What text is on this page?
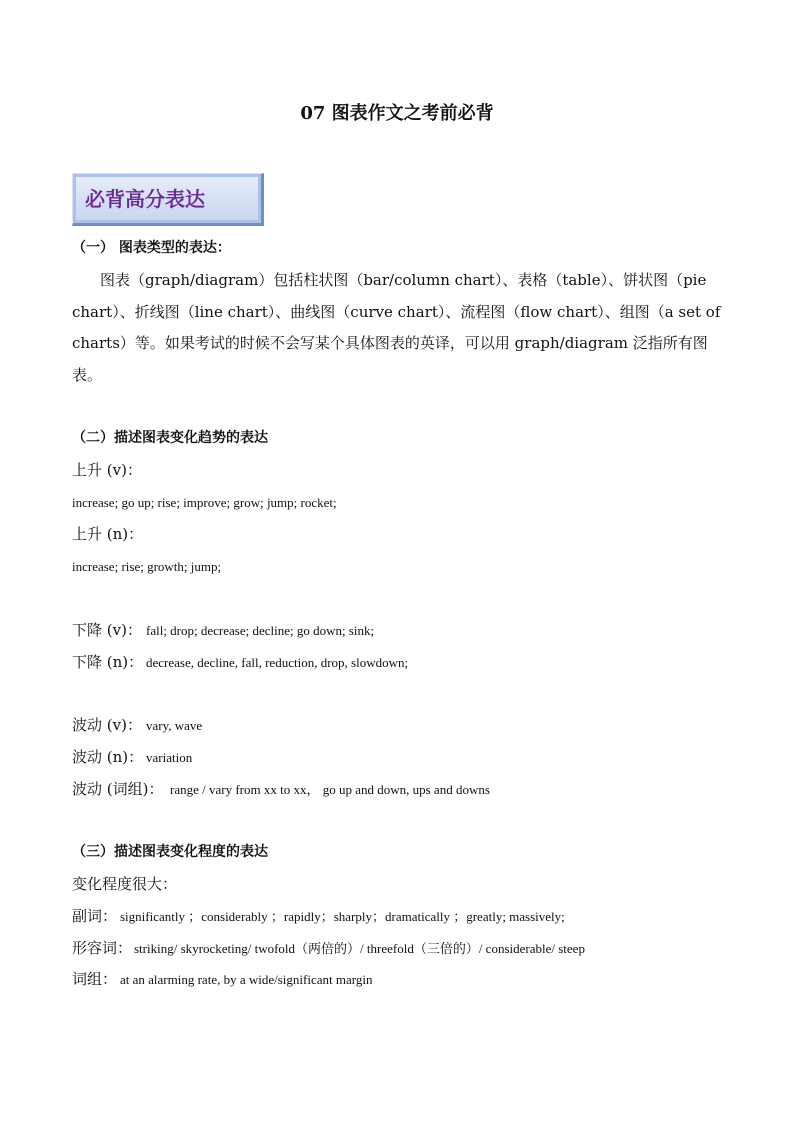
07 图表作文之考前必背
必背高分表达
（一） 图表类型的表达：
图表（graph/diagram）包括柱状图（bar/column chart）、表格（table）、饼状图（pie
chart）、折线图（line chart）、曲线图（curve chart）、流程图（flow chart）、组图（a set of
charts）等。如果考试的时候不会写某个具体图表的英译，可以用 graph/diagram 泛指所有图
表。
（二）描述图表变化趋势的表达
上升 (v)：
increase; go up; rise; improve; grow; jump; rocket;
上升 (n)：
increase; rise; growth; jump;
下降 (v)： fall; drop; decrease; decline; go down; sink;
下降 (n)： decrease, decline, fall, reduction, drop, slowdown;
波动 (v)： vary, wave
波动 (n)： variation
波动 (词组)： range / vary from xx to xx， go up and down, ups and downs
（三）描述图表变化程度的表达
变化程度很大：
副词： significantly ；considerably ；rapidly；sharply；dramatically ；greatly; massively;
形容词： striking/ skyrocketing/ twofold（两倍的）/ threefold（三倍的）/ considerable/ steep
词组： at an alarming rate, by a wide/significant margin
